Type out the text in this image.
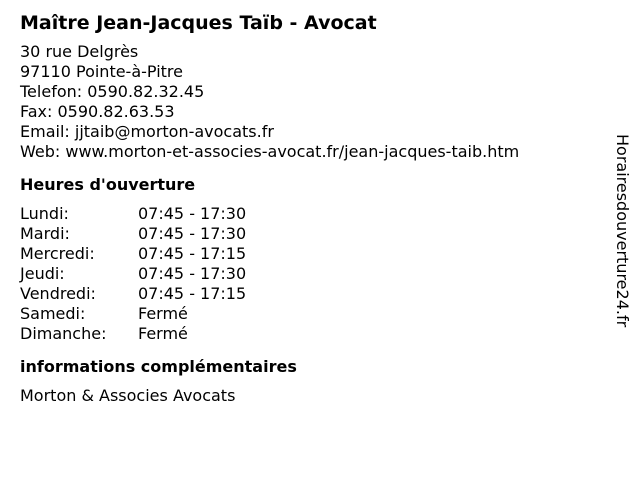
Maître Jean-Jacques Taïb - Avocat
30 rue Delgrès
97110 Pointe-à-Pitre
Telefon: 0590.82.32.45
Fax: 0590.82.63.53
Email: jjtaib@morton-avocats.fr
Web: www.morton-et-associes-avocat.fr/jean-jacques-taib.htm
Heures d'ouverture
Lundi:	07:45 - 17:30
Mardi:	07:45 - 17:30
Mercredi:	07:45 - 17:15
Jeudi:	07:45 - 17:30
Vendredi:	07:45 - 17:15
Samedi:	Fermé
Dimanche:	Fermé
informations complémentaires
Morton & Associes Avocats
Horairesdouverture24.fr
